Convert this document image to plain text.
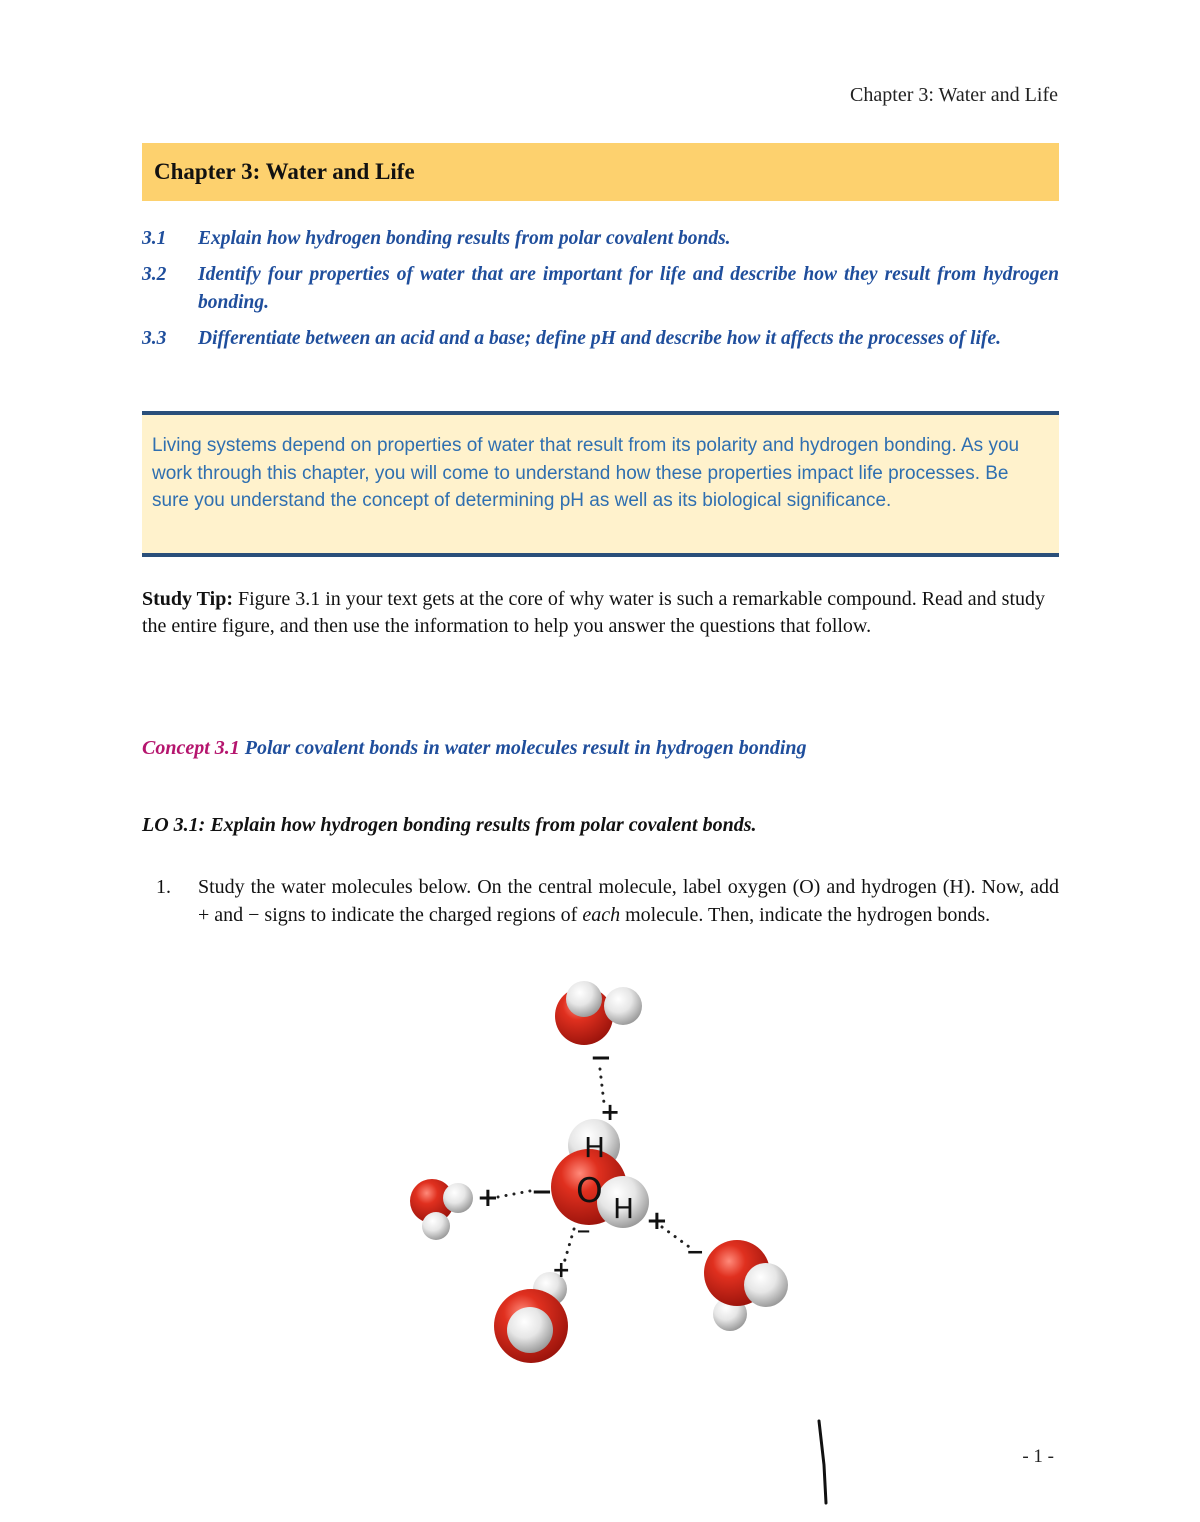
Chapter 3: Water and Life
Chapter 3: Water and Life
3.1	Explain how hydrogen bonding results from polar covalent bonds.
3.2	Identify four properties of water that are important for life and describe how they result from hydrogen bonding.
3.3	Differentiate between an acid and a base; define pH and describe how it affects the processes of life.
Living systems depend on properties of water that result from its polarity and hydrogen bonding. As you work through this chapter, you will come to understand how these properties impact life processes. Be sure you understand the concept of determining pH as well as its biological significance.
Study Tip: Figure 3.1 in your text gets at the core of why water is such a remarkable compound. Read and study the entire figure, and then use the information to help you answer the questions that follow.
Concept 3.1 Polar covalent bonds in water molecules result in hydrogen bonding
LO 3.1: Explain how hydrogen bonding results from polar covalent bonds.
1.	Study the water molecules below. On the central molecule, label oxygen (O) and hydrogen (H). Now, add + and − signs to indicate the charged regions of each molecule. Then, indicate the hydrogen bonds.
−
+
H
O H
+ −
+
−
−
+
- 1 -
